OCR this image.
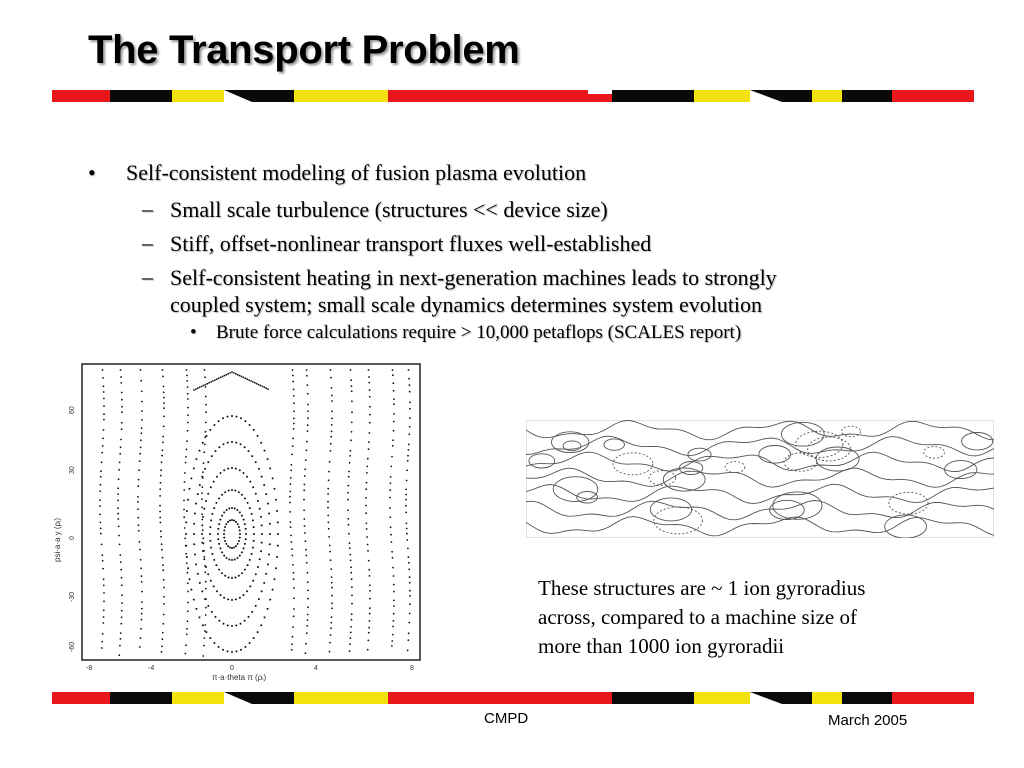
The Transport Problem
• Self-consistent modeling of fusion plasma evolution
– Small scale turbulence (structures << device size)
– Stiff, offset-nonlinear transport fluxes well-established
– Self-consistent heating in next-generation machines leads to strongly
coupled system; small scale dynamics determines system evolution
• Brute force calculations require > 10,000 petaflops (SCALES report)
psi·a·a y (ρᵢ)
π·a·theta π (ρᵢ)
-8	-4	0	4	8
60
30
0
-30
-60
These structures are ~ 1 ion gyroradius
across, compared to a machine size of
more than 1000 ion gyroradii
CMPD	March 2005
